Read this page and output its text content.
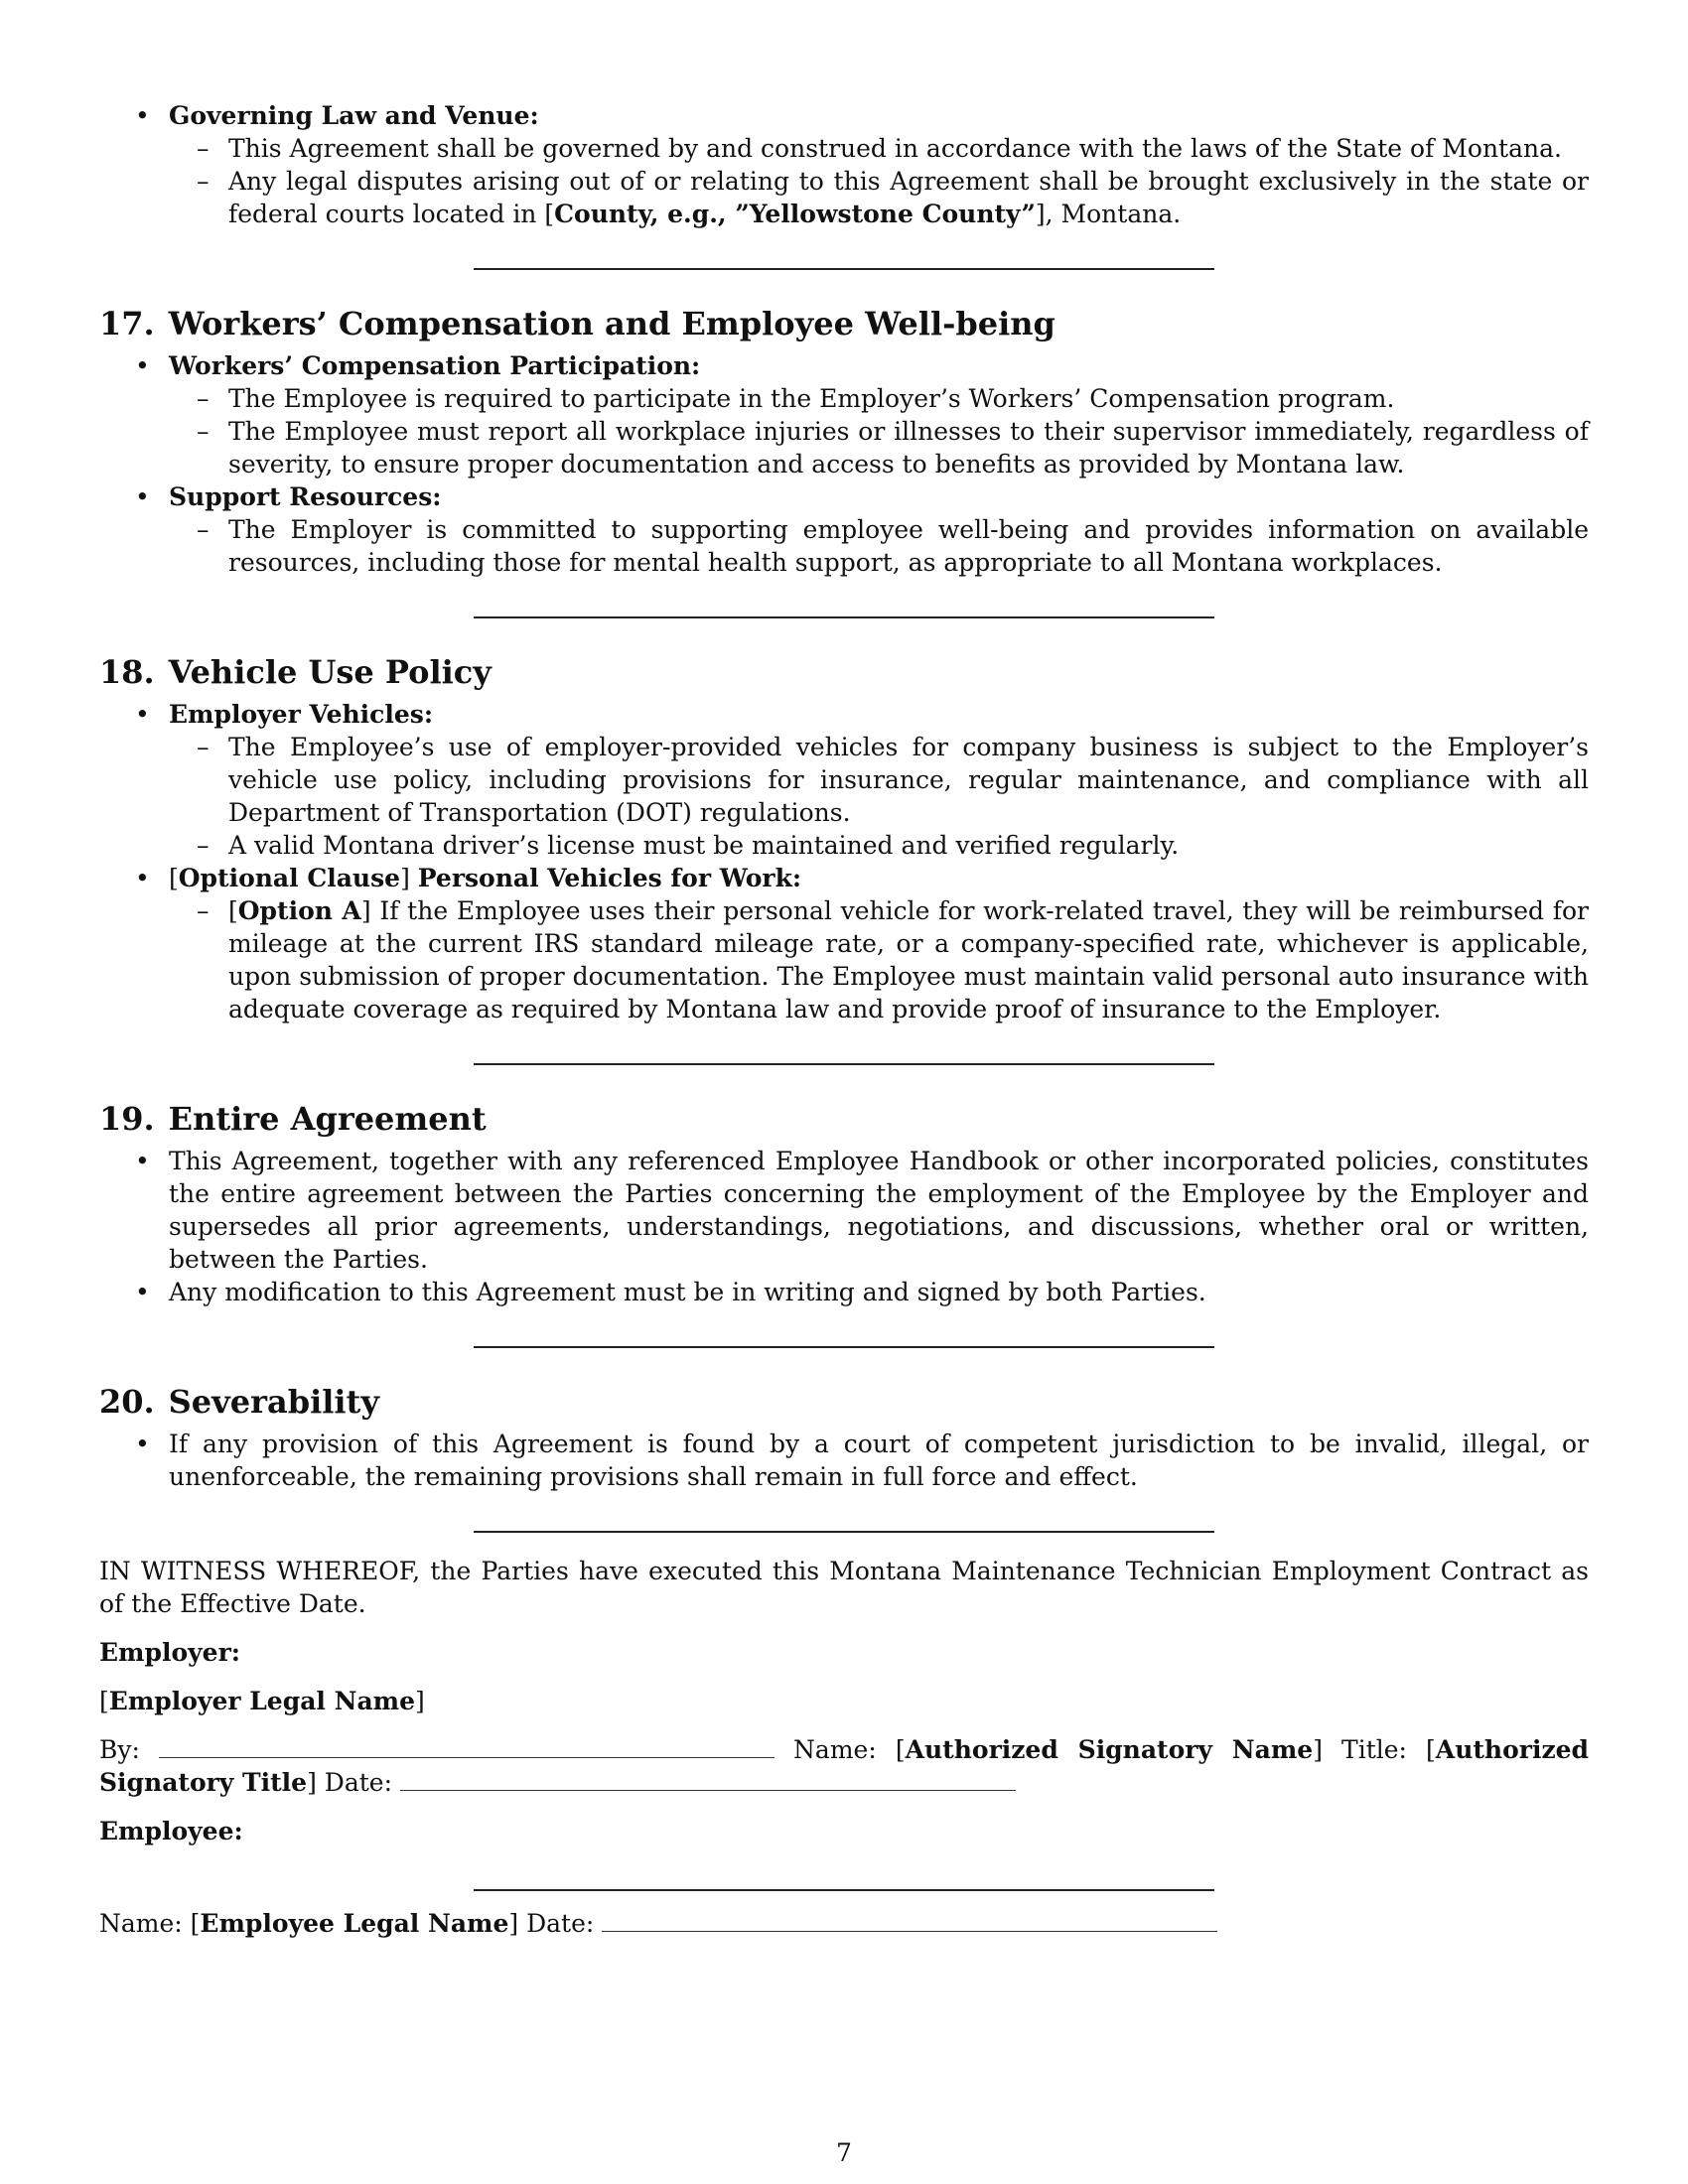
• Governing Law and Venue:
– This Agreement shall be governed by and construed in accordance with the laws of the State of Montana.
– Any legal disputes arising out of or relating to this Agreement shall be brought exclusively in the state or federal courts located in [County, e.g., ”Yellowstone County”], Montana.
17. Workers’ Compensation and Employee Well-being
• Workers’ Compensation Participation:
– The Employee is required to participate in the Employer’s Workers’ Compensation program.
– The Employee must report all workplace injuries or illnesses to their supervisor immediately, regardless of severity, to ensure proper documentation and access to benefits as provided by Montana law.
• Support Resources:
– The Employer is committed to supporting employee well-being and provides information on available resources, including those for mental health support, as appropriate to all Montana workplaces.
18. Vehicle Use Policy
• Employer Vehicles:
– The Employee’s use of employer-provided vehicles for company business is subject to the Employer’s vehicle use policy, including provisions for insurance, regular maintenance, and compliance with all Department of Transportation (DOT) regulations.
– A valid Montana driver’s license must be maintained and verified regularly.
• [Optional Clause] Personal Vehicles for Work:
– [Option A] If the Employee uses their personal vehicle for work-related travel, they will be reimbursed for mileage at the current IRS standard mileage rate, or a company-specified rate, whichever is applicable, upon submission of proper documentation. The Employee must maintain valid personal auto insurance with adequate coverage as required by Montana law and provide proof of insurance to the Employer.
19. Entire Agreement
• This Agreement, together with any referenced Employee Handbook or other incorporated policies, constitutes the entire agreement between the Parties concerning the employment of the Employee by the Employer and supersedes all prior agreements, understandings, negotiations, and discussions, whether oral or written, between the Parties.
• Any modification to this Agreement must be in writing and signed by both Parties.
20. Severability
• If any provision of this Agreement is found by a court of competent jurisdiction to be invalid, illegal, or unenforceable, the remaining provisions shall remain in full force and effect.

IN WITNESS WHEREOF, the Parties have executed this Montana Maintenance Technician Employment Contract as of the Effective Date.

Employer:

[Employer Legal Name]

By:	Name: [Authorized Signatory Name] Title: [Authorized Signatory Title] Date:

Employee:

Name: [Employee Legal Name] Date:

7
